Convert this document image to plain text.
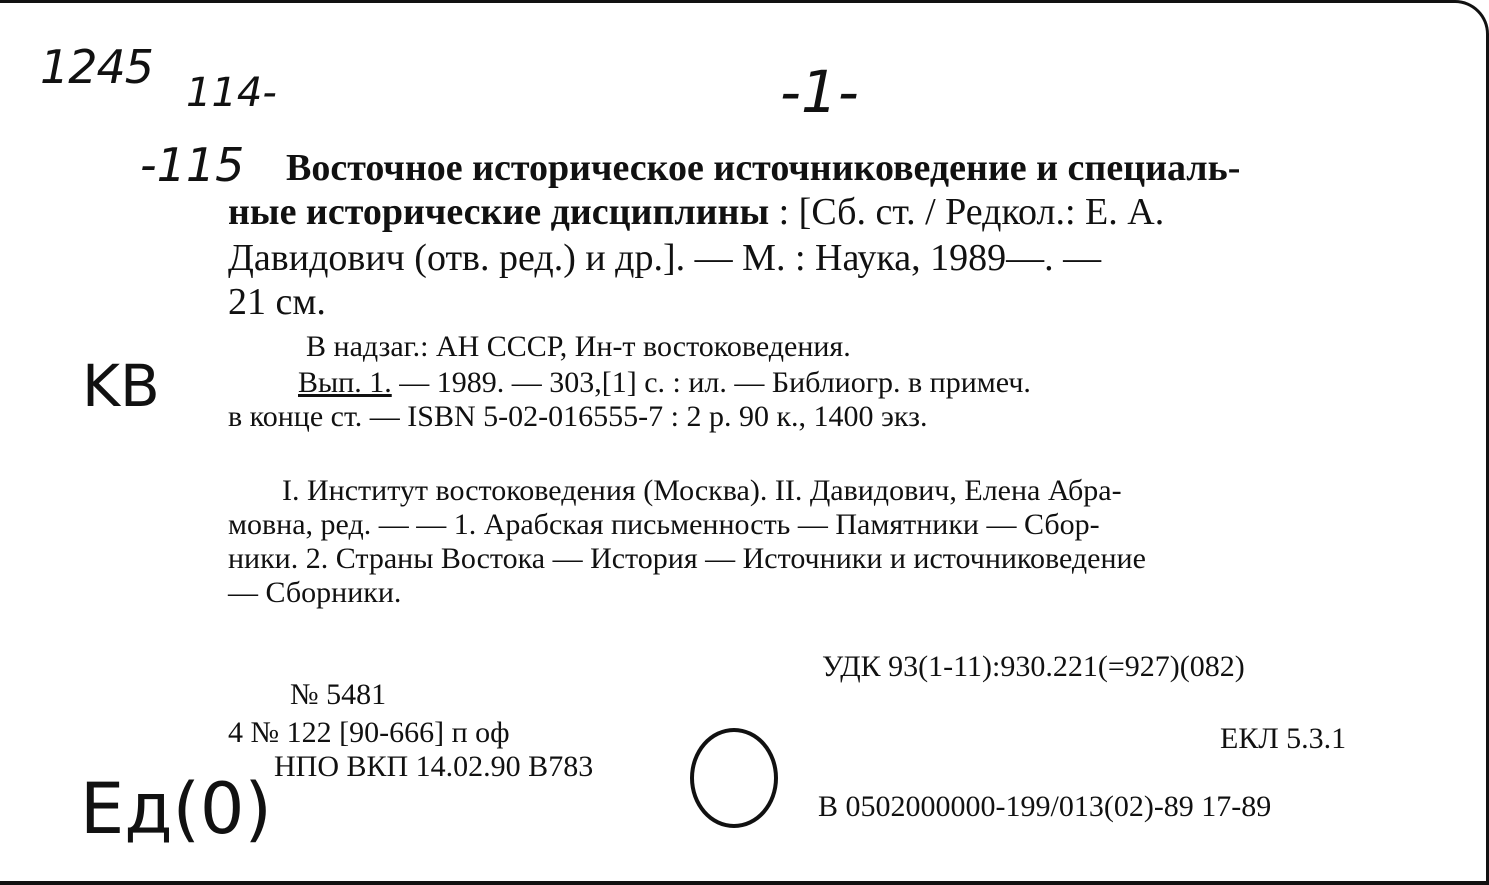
1245 114-	-1-
-115
KB
Eд(0)
Восточное историческое источниковедение и специаль-
ные исторические дисциплины : [Сб. ст. / Редкол.: Е. А.
Давидович (отв. ред.) и др.]. — М. : Наука, 1989—. —
21 см.
В надзаг.: АН СССР, Ин-т востоковедения.
Вып. 1. — 1989. — 303,[1] с. : ил. — Библиогр. в примеч.
в конце ст. — ISBN 5-02-016555-7 : 2 р. 90 к., 1400 экз.
I. Институт востоковедения (Москва). II. Давидович, Елена Абра-
мовна, ред. — — 1. Арабская письменность — Памятники — Сбор-
ники. 2. Страны Востока — История — Источники и источниковедение
— Сборники.
УДК 93(1-11):930.221(=927)(082)
№ 5481
4 № 122 [90-666] п оф	ЕКЛ 5.3.1
НПО ВКП 14.02.90 В783
В 0502000000-199/013(02)-89 17-89
